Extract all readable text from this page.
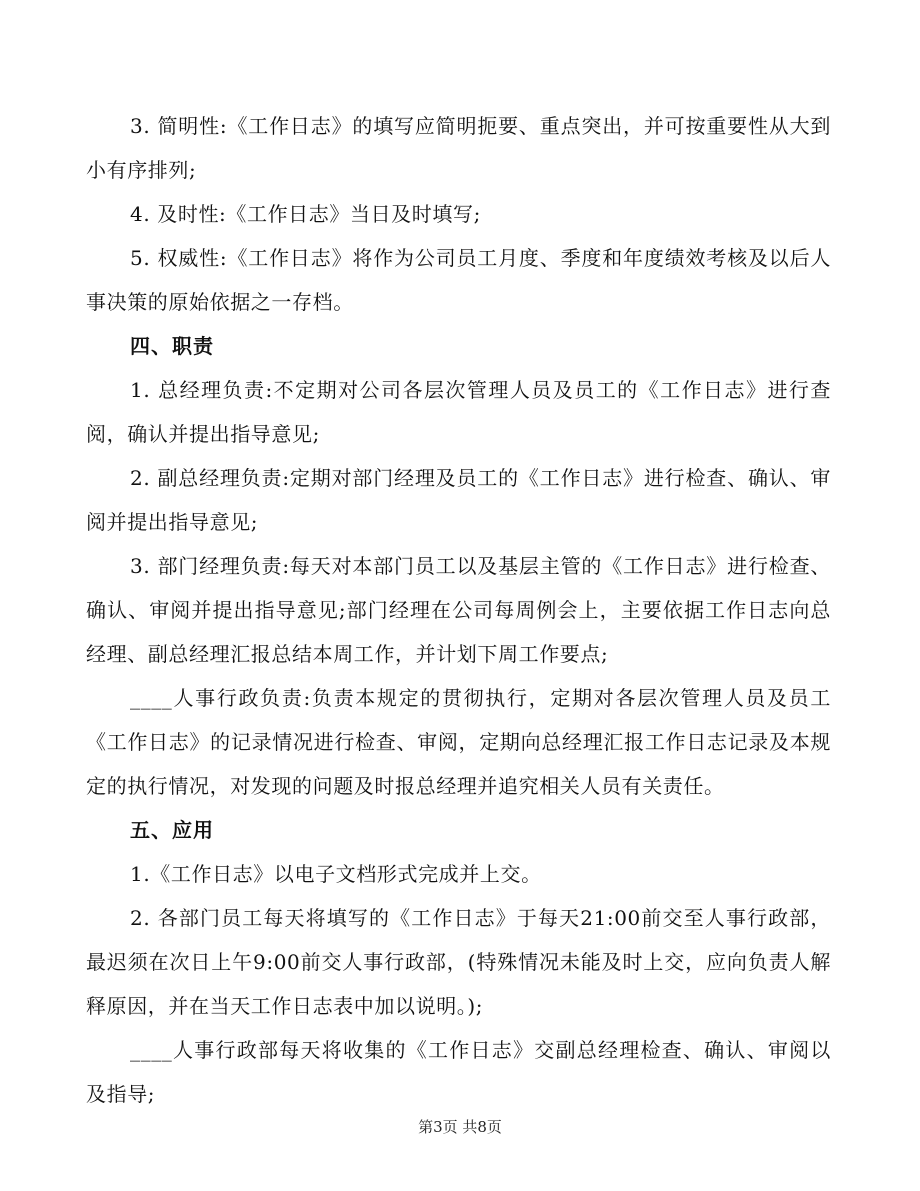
3. 简明性:《工作日志》的填写应简明扼要、重点突出，并可按重要性从大到小有序排列;

4. 及时性:《工作日志》当日及时填写;

5. 权威性:《工作日志》将作为公司员工月度、季度和年度绩效考核及以后人事决策的原始依据之一存档。

四、职责

1. 总经理负责:不定期对公司各层次管理人员及员工的《工作日志》进行查阅，确认并提出指导意见;

2. 副总经理负责:定期对部门经理及员工的《工作日志》进行检查、确认、审阅并提出指导意见;

3. 部门经理负责:每天对本部门员工以及基层主管的《工作日志》进行检查、确认、审阅并提出指导意见;部门经理在公司每周例会上，主要依据工作日志向总经理、副总经理汇报总结本周工作，并计划下周工作要点;

____人事行政负责:负责本规定的贯彻执行，定期对各层次管理人员及员工《工作日志》的记录情况进行检查、审阅，定期向总经理汇报工作日志记录及本规定的执行情况，对发现的问题及时报总经理并追究相关人员有关责任。

五、应用

1.《工作日志》以电子文档形式完成并上交。

2. 各部门员工每天将填写的《工作日志》于每天21:00前交至人事行政部，最迟须在次日上午9:00前交人事行政部，(特殊情况未能及时上交，应向负责人解释原因，并在当天工作日志表中加以说明。);

____人事行政部每天将收集的《工作日志》交副总经理检查、确认、审阅以及指导;

第3页 共8页
